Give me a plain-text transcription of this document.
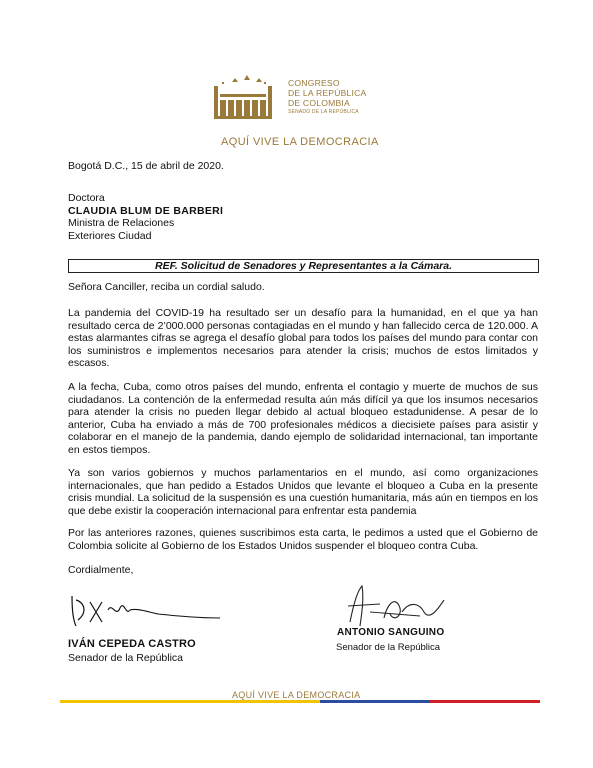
CONGRESO
DE LA REPÚBLICA
DE COLOMBIA
SENADO DE LA REPÚBLICA
AQUÍ VIVE LA DEMOCRACIA
Bogotá D.C., 15 de abril de 2020.
Doctora
CLAUDIA BLUM DE BARBERI
Ministra de Relaciones
Exteriores Ciudad
REF. Solicitud de Senadores y Representantes a la Cámara.
Señora Canciller, reciba un cordial saludo.
La pandemia del COVID-19 ha resultado ser un desafío para la humanidad, en el que ya han resultado cerca de 2’000.000 personas contagiadas en el mundo y han fallecido cerca de 120.000. A estas alarmantes cifras se agrega el desafío global para todos los países del mundo para contar con los suministros e implementos necesarios para atender la crisis; muchos de estos limitados y escasos.
A la fecha, Cuba, como otros países del mundo, enfrenta el contagio y muerte de muchos de sus ciudadanos. La contención de la enfermedad resulta aún más difícil ya que los insumos necesarios para atender la crisis no pueden llegar debido al actual bloqueo estadunidense. A pesar de lo anterior, Cuba ha enviado a más de 700 profesionales médicos a diecisiete países para asistir y colaborar en el manejo de la pandemia, dando ejemplo de solidaridad internacional, tan importante en estos tiempos.
Ya son varios gobiernos y muchos parlamentarios en el mundo, así como organizaciones internacionales, que han pedido a Estados Unidos que levante el bloqueo a Cuba en la presente crisis mundial. La solicitud de la suspensión es una cuestión humanitaria, más aún en tiempos en los que debe existir la cooperación internacional para enfrentar esta pandemia
Por las anteriores razones, quienes suscribimos esta carta, le pedimos a usted que el Gobierno de Colombia solicite al Gobierno de los Estados Unidos suspender el bloqueo contra Cuba.
Cordialmente,
IVÁN CEPEDA CASTRO
Senador de la República
ANTONIO SANGUINO
Senador de la República
AQUÍ VIVE LA DEMOCRACIA
